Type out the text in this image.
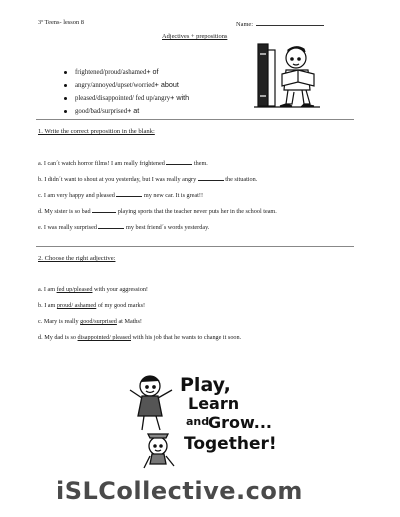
3º Teens- lesson 8	Name:
Adjectives + prepositions
frightened/proud/ashamed+ of
angry/annoyed/upset/worried+ about
pleased/disappointed/ fed up/angry+ with
good/bad/surprised+ at
1. Write the correct preposition in the blank:
a. I can´t watch horror films! I am really frightened	them.
b. I didn´t want to shout at you yesterday, but I was really angry	the situation.
c. I am very happy and pleased	my new car. It is great!!
d. My sister is so bad	playing sports that the teacher never puts her in the school team.
e. I was really surprised	my best friend´s words yesterday.
2. Choose the right adjective:
a. I am fed up/pleased with your aggression!
b. I am proud/ ashamed of my good marks!
c. Mary is really good/surprised at Maths!
d. My dad is so disappointed/ pleased with his job that he wants to change it soon.
Play,
Learn
and
Grow...
Together!
iSLCollective.com
